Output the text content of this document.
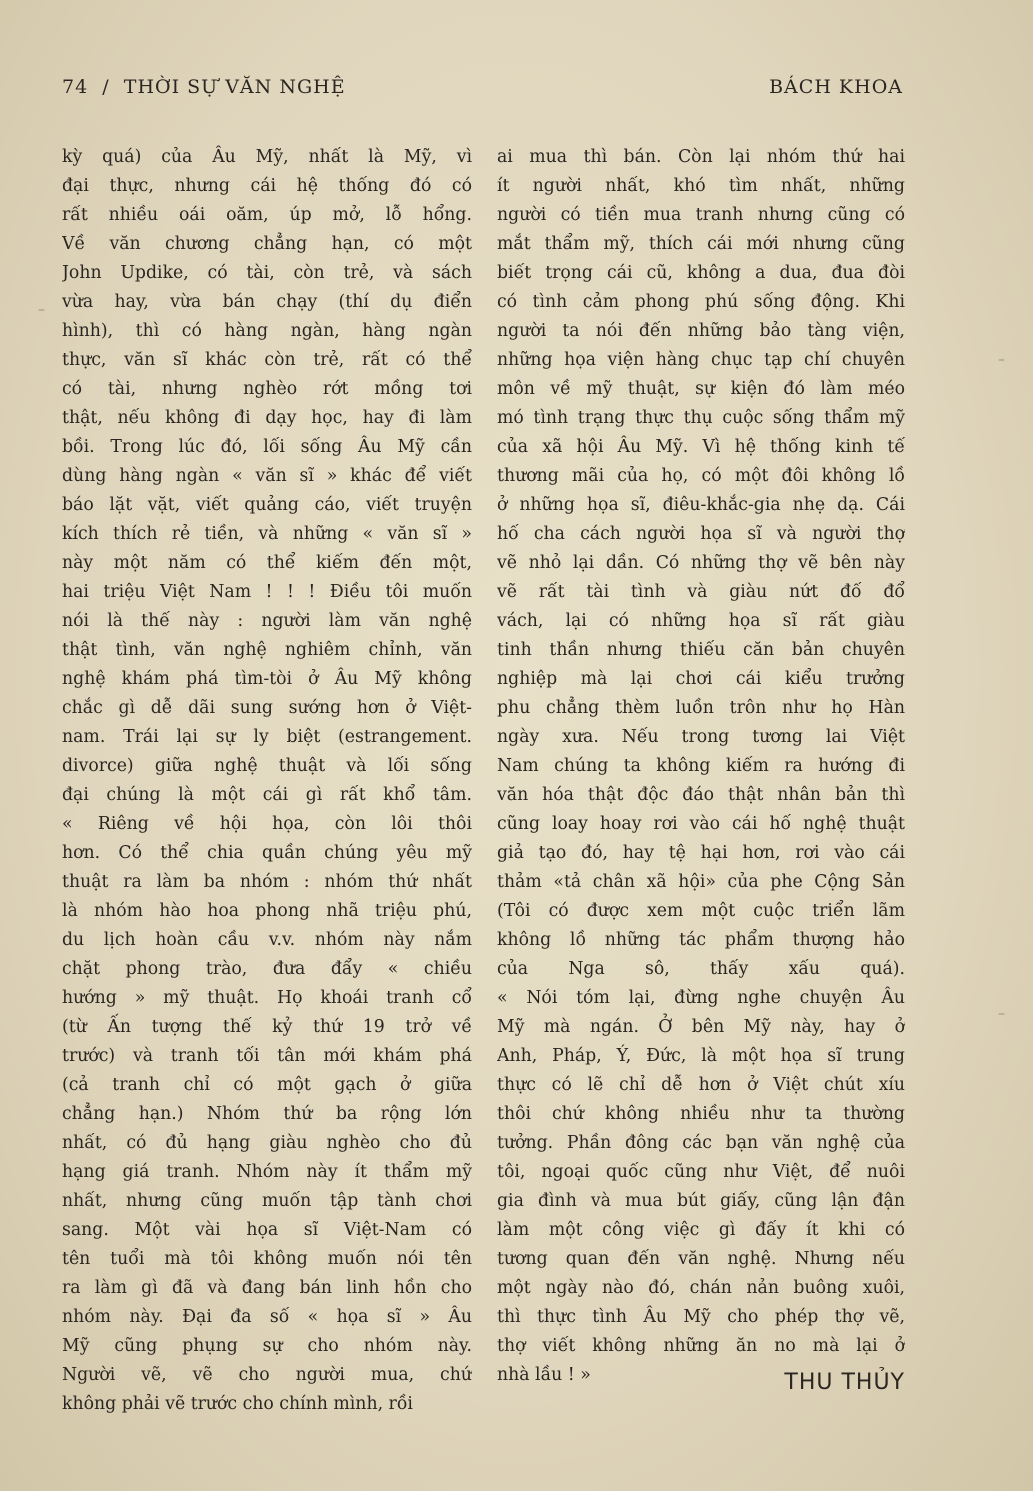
74 / THỜI SỰ VĂN NGHỆ	BÁCH KHOA
kỳ quá) của Âu Mỹ, nhất là Mỹ, vì
đại thực, nhưng cái hệ thống đó có
rất nhiều oái oăm, úp mở, lỗ hổng.
Về văn chương chẳng hạn, có một
John Updike, có tài, còn trẻ, và sách
vừa hay, vừa bán chạy (thí dụ điển
hình), thì có hàng ngàn, hàng ngàn
thực, văn sĩ khác còn trẻ, rất có thể
có tài, nhưng nghèo rớt mồng tơi
thật, nếu không đi dạy học, hay đi làm
bồi. Trong lúc đó, lối sống Âu Mỹ cần
dùng hàng ngàn « văn sĩ » khác để viết
báo lặt vặt, viết quảng cáo, viết truyện
kích thích rẻ tiền, và những « văn sĩ »
này một năm có thể kiếm đến một,
hai triệu Việt Nam ! ! ! Điều tôi muốn
nói là thế này : người làm văn nghệ
thật tình, văn nghệ nghiêm chỉnh, văn
nghệ khám phá tìm-tòi ở Âu Mỹ không
chắc gì dễ dãi sung sướng hơn ở Việt-
nam. Trái lại sự ly biệt (estrangement.
divorce) giữa nghệ thuật và lối sống
đại chúng là một cái gì rất khổ tâm.
« Riêng về hội họa, còn lôi thôi
hơn. Có thể chia quần chúng yêu mỹ
thuật ra làm ba nhóm : nhóm thứ nhất
là nhóm hào hoa phong nhã triệu phú,
du lịch hoàn cầu v.v. nhóm này nắm
chặt phong trào, đưa đẩy « chiều
hướng » mỹ thuật. Họ khoái tranh cổ
(từ Ấn tượng thế kỷ thứ 19 trở về
trước) và tranh tối tân mới khám phá
(cả tranh chỉ có một gạch ở giữa
chẳng hạn.) Nhóm thứ ba rộng lớn
nhất, có đủ hạng giàu nghèo cho đủ
hạng giá tranh. Nhóm này ít thẩm mỹ
nhất, nhưng cũng muốn tập tành chơi
sang. Một vài họa sĩ Việt-Nam có
tên tuổi mà tôi không muốn nói tên
ra làm gì đã và đang bán linh hồn cho
nhóm này. Đại đa số « họa sĩ » Âu
Mỹ cũng phụng sự cho nhóm này.
Người vẽ, vẽ cho người mua, chứ
không phải vẽ trước cho chính mình, rồi
ai mua thì bán. Còn lại nhóm thứ hai
ít người nhất, khó tìm nhất, những
người có tiền mua tranh nhưng cũng có
mắt thẩm mỹ, thích cái mới nhưng cũng
biết trọng cái cũ, không a dua, đua đòi
có tình cảm phong phú sống động. Khi
người ta nói đến những bảo tàng viện,
những họa viện hàng chục tạp chí chuyên
môn về mỹ thuật, sự kiện đó làm méo
mó tình trạng thực thụ cuộc sống thẩm mỹ
của xã hội Âu Mỹ. Vì hệ thống kinh tế
thương mãi của họ, có một đôi không lồ
ở những họa sĩ, điêu-khắc-gia nhẹ dạ. Cái
hố cha cách người họa sĩ và người thợ
vẽ nhỏ lại dần. Có những thợ vẽ bên này
vẽ rất tài tình và giàu nứt đố đổ
vách, lại có những họa sĩ rất giàu
tinh thần nhưng thiếu căn bản chuyên
nghiệp mà lại chơi cái kiểu trưởng
phu chẳng thèm luồn trôn như họ Hàn
ngày xưa. Nếu trong tương lai Việt
Nam chúng ta không kiếm ra hướng đi
văn hóa thật độc đáo thật nhân bản thì
cũng loay hoay rơi vào cái hố nghệ thuật
giả tạo đó, hay tệ hại hơn, rơi vào cái
thảm «tả chân xã hội» của phe Cộng Sản
(Tôi có được xem một cuộc triển lãm
không lồ những tác phẩm thượng hảo
của Nga sô, thấy xấu quá).
« Nói tóm lại, đừng nghe chuyện Âu
Mỹ mà ngán. Ở bên Mỹ này, hay ở
Anh, Pháp, Ý, Đức, là một họa sĩ trung
thực có lẽ chỉ dễ hơn ở Việt chút xíu
thôi chứ không nhiều như ta thường
tưởng. Phần đông các bạn văn nghệ của
tôi, ngoại quốc cũng như Việt, để nuôi
gia đình và mua bút giấy, cũng lận đận
làm một công việc gì đấy ít khi có
tương quan đến văn nghệ. Nhưng nếu
một ngày nào đó, chán nản buông xuôi,
thì thực tình Âu Mỹ cho phép thợ vẽ,
thợ viết không những ăn no mà lại ở
nhà lầu ! »	THU THỦY
–
–
–
